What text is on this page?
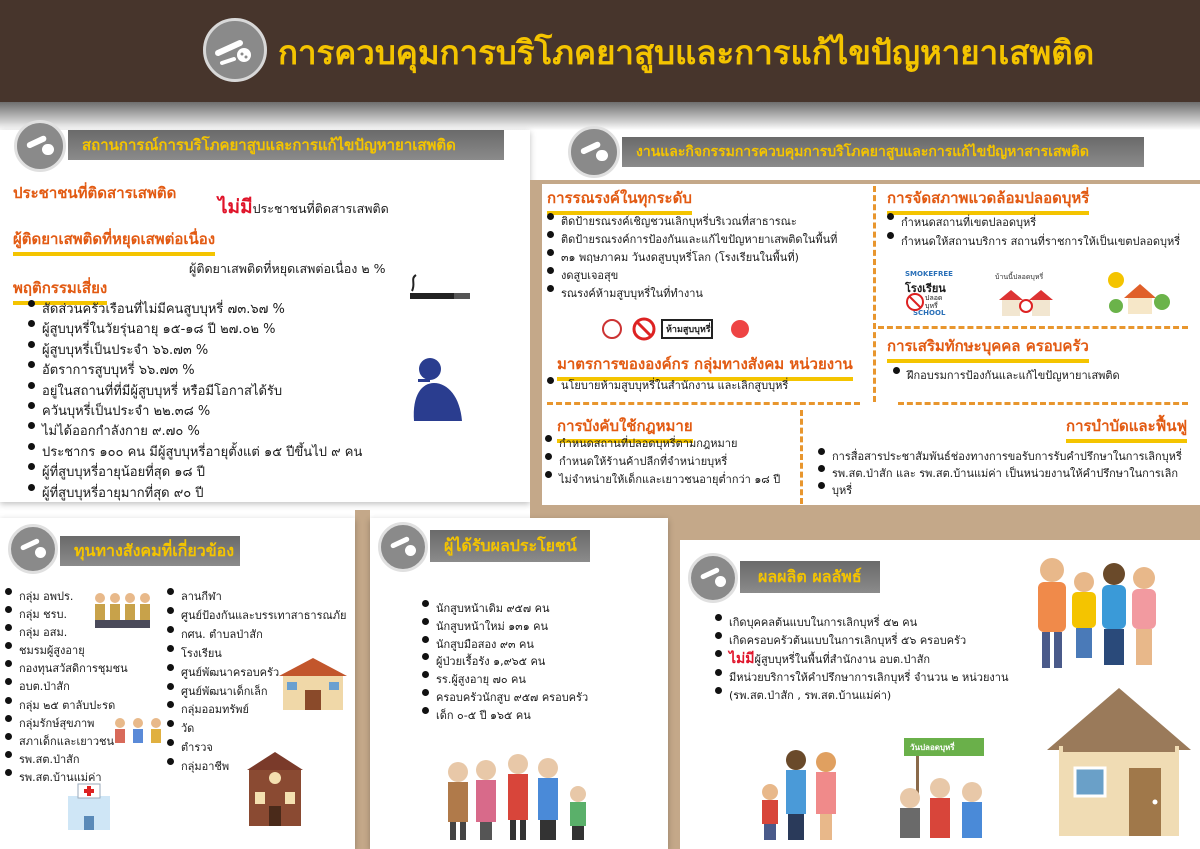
การควบคุมการบริโภคยาสูบและการแก้ไขปัญหายาเสพติด
สถานการณ์การบริโภคยาสูบและการแก้ไขปัญหายาเสพติด
ประชาชนที่ติดสารเสพติด
ไม่มีประชาชนที่ติดสารเสพติด
ผู้ติดยาเสพติดที่หยุดเสพต่อเนื่อง
ผู้ติดยาเสพติดที่หยุดเสพต่อเนื่อง ๒ %
พฤติกรรมเสี่ยง
สัดส่วนครัวเรือนที่ไม่มีคนสูบบุหรี่ ๗๓.๖๗ %
ผู้สูบบุหรี่ในวัยรุ่นอายุ ๑๕-๑๘ ปี ๒๗.๐๒ %
ผู้สูบบุหรี่เป็นประจำ ๖๖.๗๓ %
อัตราการสูบบุหรี่ ๖๖.๗๓ %
อยู่ในสถานที่ที่มีผู้สูบบุหรี่ หรือมีโอกาสได้รับ
ควันบุหรี่เป็นประจำ ๒๒.๓๘ %
ไม่ได้ออกกำลังกาย ๙.๗๐ %
ประชากร ๑๐๐ คน มีผู้สูบบุหรี่อายุตั้งแต่ ๑๕ ปีขึ้นไป ๙ คน
ผู้ที่สูบบุหรี่อายุน้อยที่สุด ๑๘ ปี
ผู้ที่สูบบุหรี่อายุมากที่สุด ๙๐ ปี
งานและกิจกรรมการควบคุมการบริโภคยาสูบและการแก้ไขปัญหาสารเสพติด
การรณรงค์ในทุกระดับ
ติดป้ายรณรงค์เชิญชวนเลิกบุหรี่บริเวณที่สาธารณะ
ติดป้ายรณรงค์การป้องกันและแก้ไขปัญหายาเสพติดในพื้นที่
๓๑ พฤษภาคม วันงดสูบบุหรี่โลก (โรงเรียนในพื้นที่)
งดสูบเจอสุข
รณรงค์ห้ามสูบบุหรี่ในที่ทำงาน
ห้ามสูบบุหรี่
การจัดสภาพแวดล้อมปลอดบุหรี่
กำหนดสถานที่เขตปลอดบุหรี่
กำหนดให้สถานบริการ สถานที่ราชการให้เป็นเขตปลอดบุหรี่
SMOKEFREE
โรงเรียน
ปลอด
บุหรี่
SCHOOL
บ้านนี้ปลอดบุหรี่
มาตรการขององค์กร กลุ่มทางสังคม หน่วยงาน
นโยบายห้ามสูบบุหรี่ในสำนักงาน และเลิกสูบบุหรี่
การเสริมทักษะบุคคล ครอบครัว
ฝึกอบรมการป้องกันและแก้ไขปัญหายาเสพติด
การบังคับใช้กฎหมาย
กำหนดสถานที่ปลอดบุหรี่ตามกฎหมาย
กำหนดให้ร้านค้าปลีกที่จำหน่ายบุหรี่
ไม่จำหน่ายให้เด็กและเยาวชนอายุต่ำกว่า ๑๘ ปี
การบำบัดและฟื้นฟู
การสื่อสารประชาสัมพันธ์ช่องทางการขอรับการรับคำปรึกษาในการเลิกบุหรี่
รพ.สต.ป่าสัก และ รพ.สต.บ้านแม่ค่า เป็นหน่วยงานให้คำปรึกษาในการเลิก
บุหรี่
ทุนทางสังคมที่เกี่ยวข้อง
กลุ่ม อพปร.
กลุ่ม ชรบ.
กลุ่ม อสม.
ชมรมผู้สูงอายุ
กองทุนสวัสดิการชุมชน
อบต.ป่าสัก
กลุ่ม ๒๕ ตาลับปะรด
กลุ่มรักษ์สุขภาพ
สภาเด็กและเยาวชน
รพ.สต.ป่าสัก
รพ.สต.บ้านแม่ค่า
ลานกีฬา
ศูนย์ป้องกันและบรรเทาสาธารณภัย
กศน. ตำบลป่าสัก
โรงเรียน
ศูนย์พัฒนาครอบครัว
ศูนย์พัฒนาเด็กเล็ก
กลุ่มออมทรัพย์
วัด
ตำรวจ
กลุ่มอาชีพ
ผู้ได้รับผลประโยชน์
นักสูบหน้าเดิม ๙๕๗ คน
นักสูบหน้าใหม่ ๑๓๑ คน
นักสูบมือสอง ๙๓ คน
ผู้ป่วยเรื้อรัง ๑,๙๖๕ คน
รร.ผู้สูงอายุ ๗๐ คน
ครอบครัวนักสูบ ๙๕๗ ครอบครัว
เด็ก ๐-๕ ปี ๑๖๕ คน
ผลผลิต ผลลัพธ์
เกิดบุคคลต้นแบบในการเลิกบุหรี่ ๕๒ คน
เกิดครอบครัวต้นแบบในการเลิกบุหรี่ ๕๖ ครอบครัว
ไม่มีผู้สูบบุหรี่ในพื้นที่สำนักงาน อบต.ป่าสัก
มีหน่วยบริการให้คำปรึกษาการเลิกบุหรี่ จำนวน ๒ หน่วยงาน
(รพ.สต.ป่าสัก , รพ.สต.บ้านแม่ค่า)
วันปลอดบุหรี่
